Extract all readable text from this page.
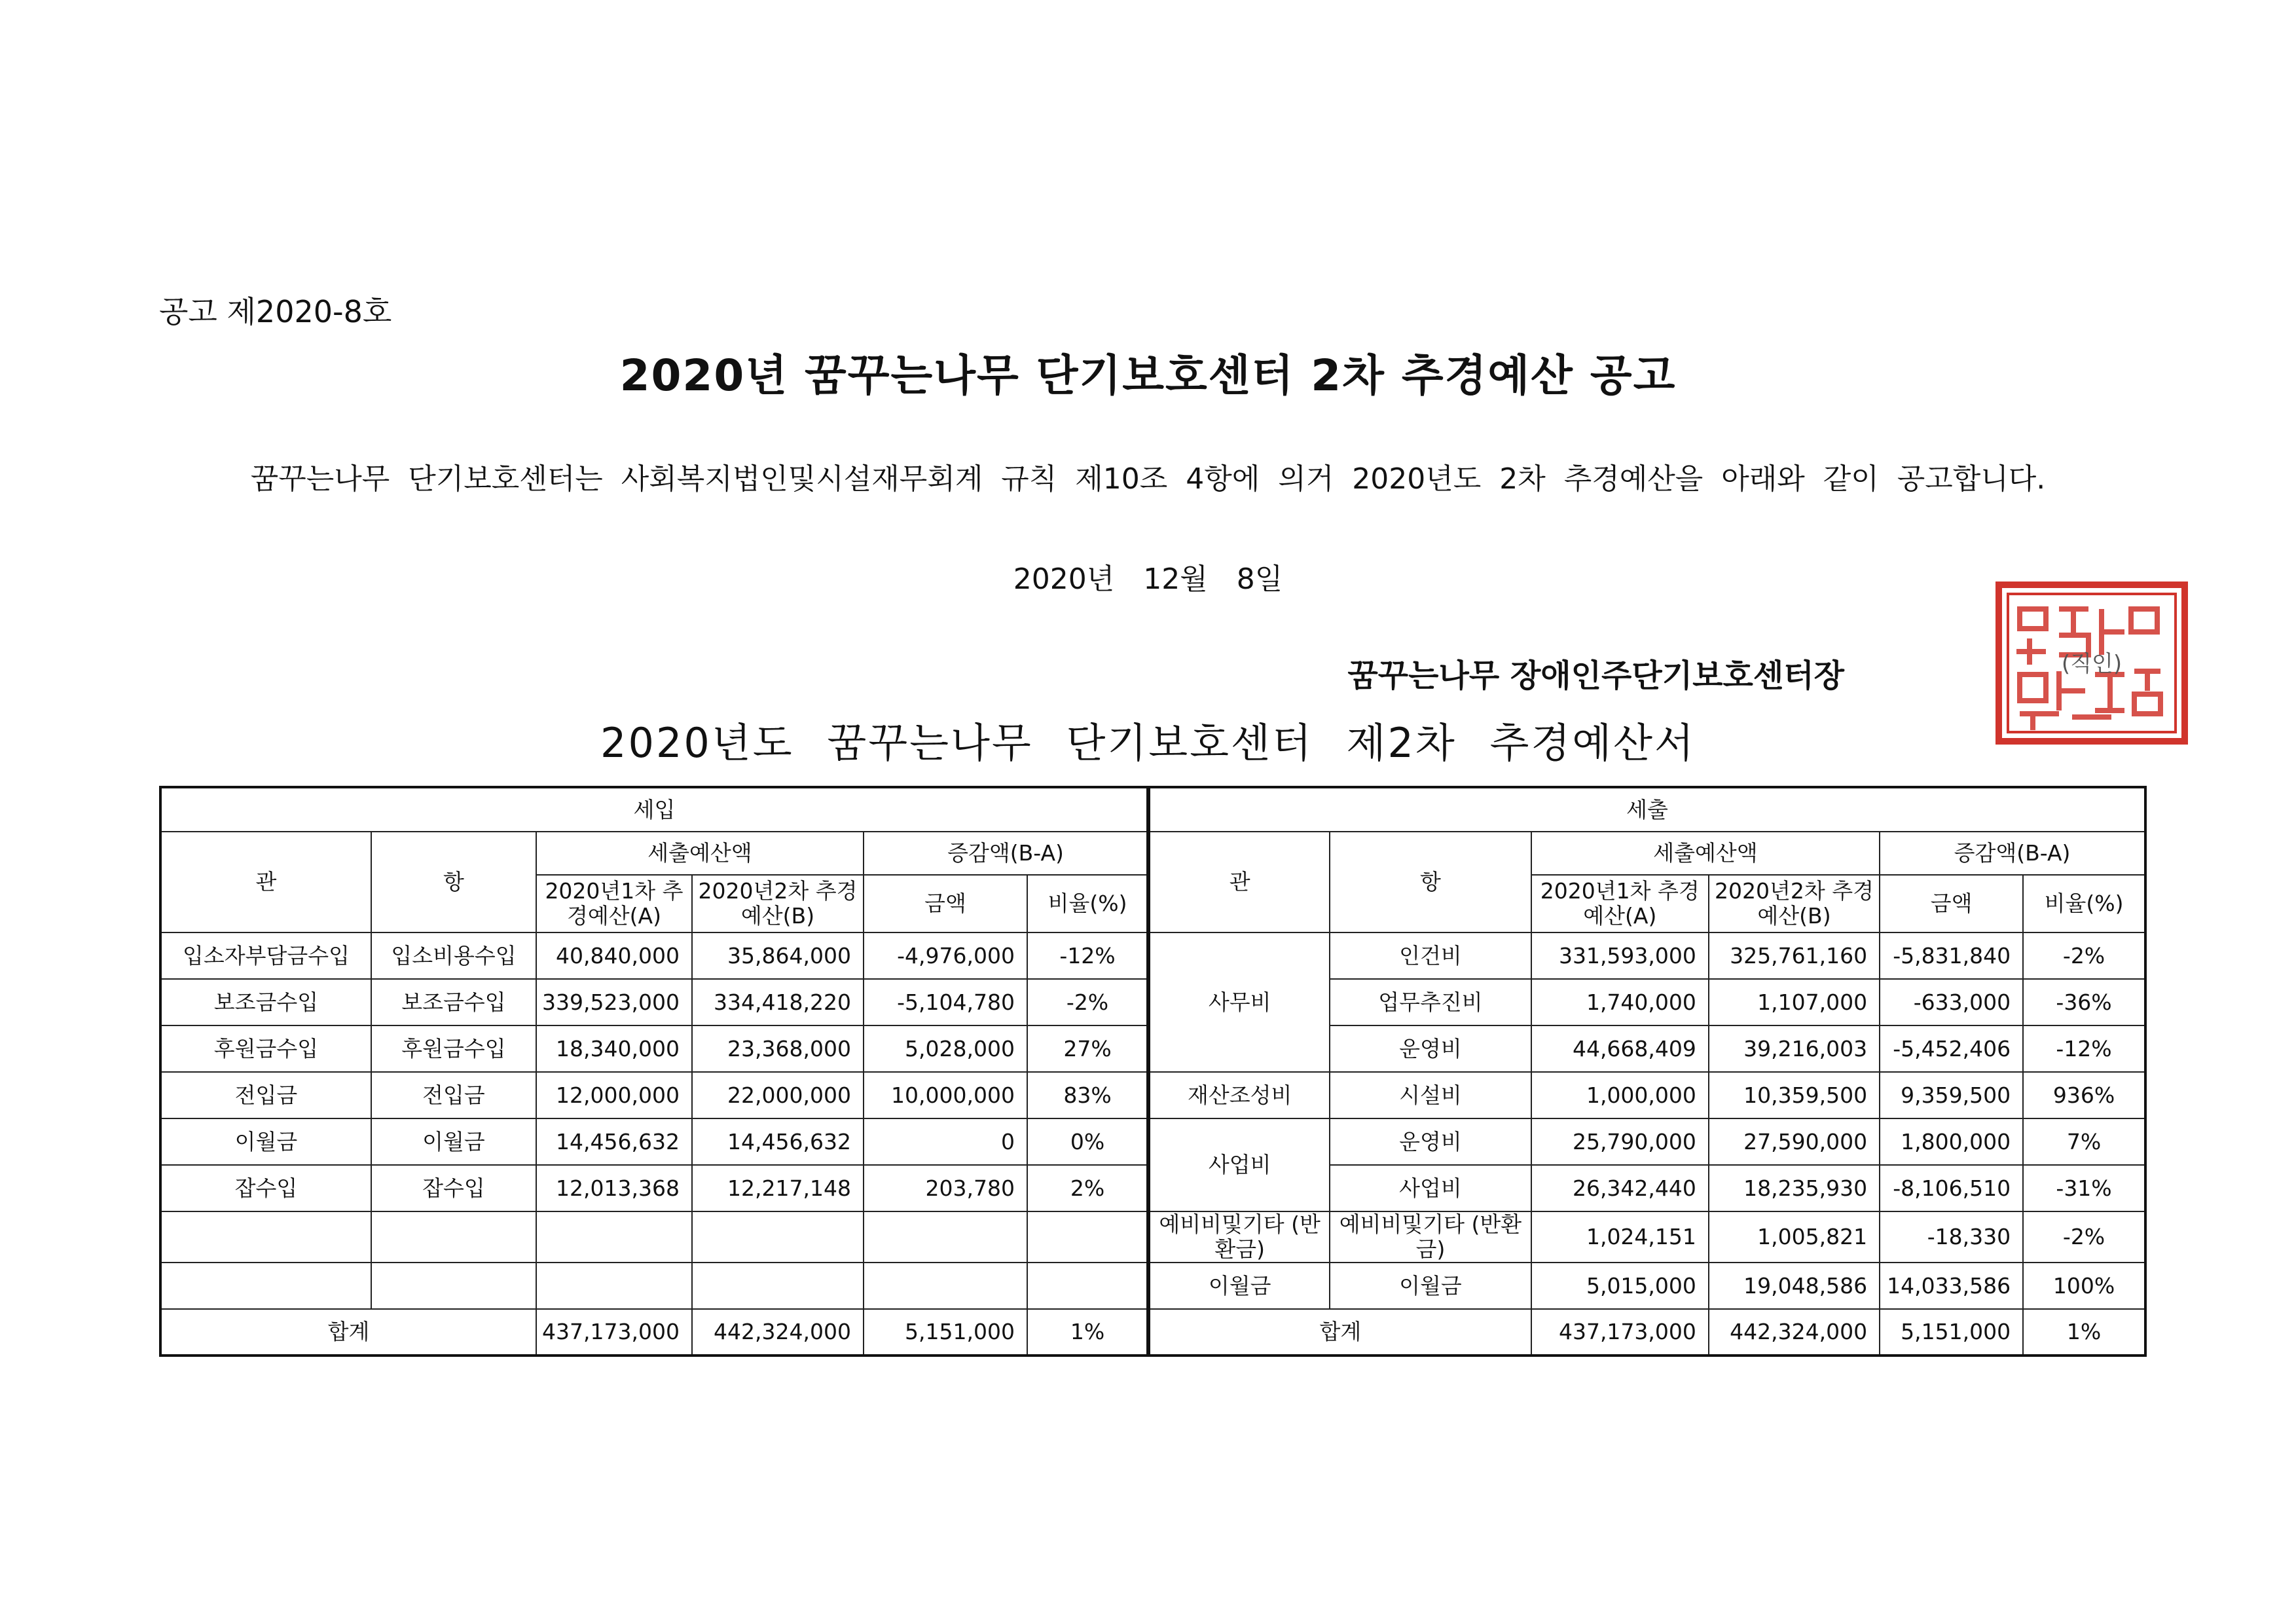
공고 제2020-8호
2020년 꿈꾸는나무 단기보호센터 2차 추경예산 공고
꿈꾸는나무 단기보호센터는 사회복지법인및시설재무회계 규칙 제10조 4항에 의거 2020년도 2차 추경예산을 아래와 같이 공고합니다.
2020년 12월 8일
꿈꾸는나무 장애인주단기보호센터장	(직인)
2020년도 꿈꾸는나무 단기보호센터 제2차 추경예산서
세입					
관	항	세출예산액		증감액(B-A)	
		2020년1차 추경예산(A)	2020년2차 추경예산(B)	금액	비율(%)
입소자부담금수입	입소비용수입	40,840,000	35,864,000	-4,976,000	-12%
보조금수입	보조금수입	339,523,000	334,418,220	-5,104,780	-2%
후원금수입	후원금수입	18,340,000	23,368,000	5,028,000	27%
전입금	전입금	12,000,000	22,000,000	10,000,000	83%
이월금	이월금	14,456,632	14,456,632	0	0%
잡수입	잡수입	12,013,368	12,217,148	203,780	2%

합계		437,173,000	442,324,000	5,151,000	1%
세출					
관	항	세출예산액		증감액(B-A)	
		2020년1차 추경예산(A)	2020년2차 추경예산(B)	금액	비율(%)
사무비	인건비	331,593,000	325,761,160	-5,831,840	-2%
	업무추진비	1,740,000	1,107,000	-633,000	-36%
	운영비	44,668,409	39,216,003	-5,452,406	-12%
재산조성비	시설비	1,000,000	10,359,500	9,359,500	936%
사업비	운영비	25,790,000	27,590,000	1,800,000	7%
	사업비	26,342,440	18,235,930	-8,106,510	-31%
예비비및기타 (반환금)	예비비및기타 (반환금)	1,024,151	1,005,821	-18,330	-2%
이월금	이월금	5,015,000	19,048,586	14,033,586	100%
합계		437,173,000	442,324,000	5,151,000	1%
